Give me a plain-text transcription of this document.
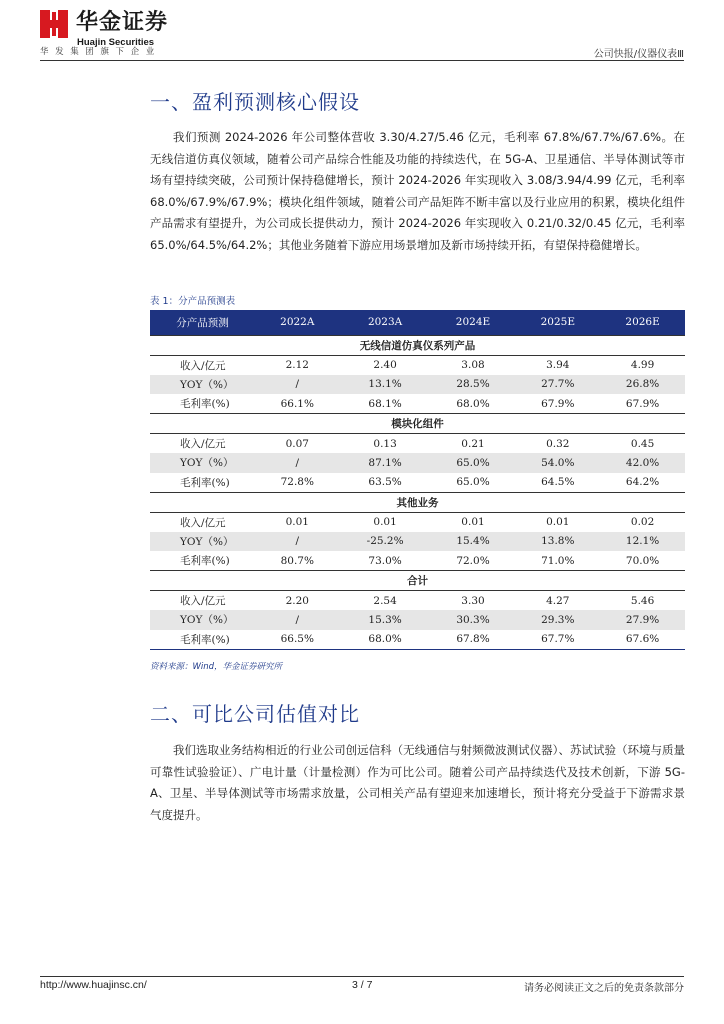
华金证券
Huajin Securities
华发集团旗下企业	公司快报/仪器仪表Ⅲ
一、盈利预测核心假设

我们预测 2024-2026 年公司整体营收 3.30/4.27/5.46 亿元，毛利率 67.8%/67.7%/67.6%。在无线信道仿真仪领域，随着公司产品综合性能及功能的持续迭代，在 5G-A、卫星通信、半导体测试等市场有望持续突破，公司预计保持稳健增长，预计 2024-2026 年实现收入 3.08/3.94/4.99 亿元，毛利率 68.0%/67.9%/67.9%；模块化组件领域，随着公司产品矩阵不断丰富以及行业应用的积累，模块化组件产品需求有望提升，为公司成长提供动力，预计 2024-2026 年实现收入 0.21/0.32/0.45 亿元，毛利率 65.0%/64.5%/64.2%；其他业务随着下游应用场景增加及新市场持续开拓，有望保持稳健增长。

表 1：分产品预测表
分产品预测	2022A	2023A	2024E	2025E	2026E
无线信道仿真仪系列产品					
收入/亿元	2.12	2.40	3.08	3.94	4.99
YOY（%）	/	13.1%	28.5%	27.7%	26.8%
毛利率(%)	66.1%	68.1%	68.0%	67.9%	67.9%
模块化组件					
收入/亿元	0.07	0.13	0.21	0.32	0.45
YOY（%）	/	87.1%	65.0%	54.0%	42.0%
毛利率(%)	72.8%	63.5%	65.0%	64.5%	64.2%
其他业务					
收入/亿元	0.01	0.01	0.01	0.01	0.02
YOY（%）	/	-25.2%	15.4%	13.8%	12.1%
毛利率(%)	80.7%	73.0%	72.0%	71.0%	70.0%
合计					
收入/亿元	2.20	2.54	3.30	4.27	5.46
YOY（%）	/	15.3%	30.3%	29.3%	27.9%
毛利率(%)	66.5%	68.0%	67.8%	67.7%	67.6%
资料来源：Wind，华金证券研究所
二、可比公司估值对比

我们选取业务结构相近的行业公司创远信科（无线通信与射频微波测试仪器）、苏试试验（环境与质量可靠性试验验证）、广电计量（计量检测）作为可比公司。随着公司产品持续迭代及技术创新，下游 5G-A、卫星、半导体测试等市场需求放量，公司相关产品有望迎来加速增长，预计将充分受益于下游需求景气度提升。

http://www.huajinsc.cn/	3 / 7	请务必阅读正文之后的免责条款部分
